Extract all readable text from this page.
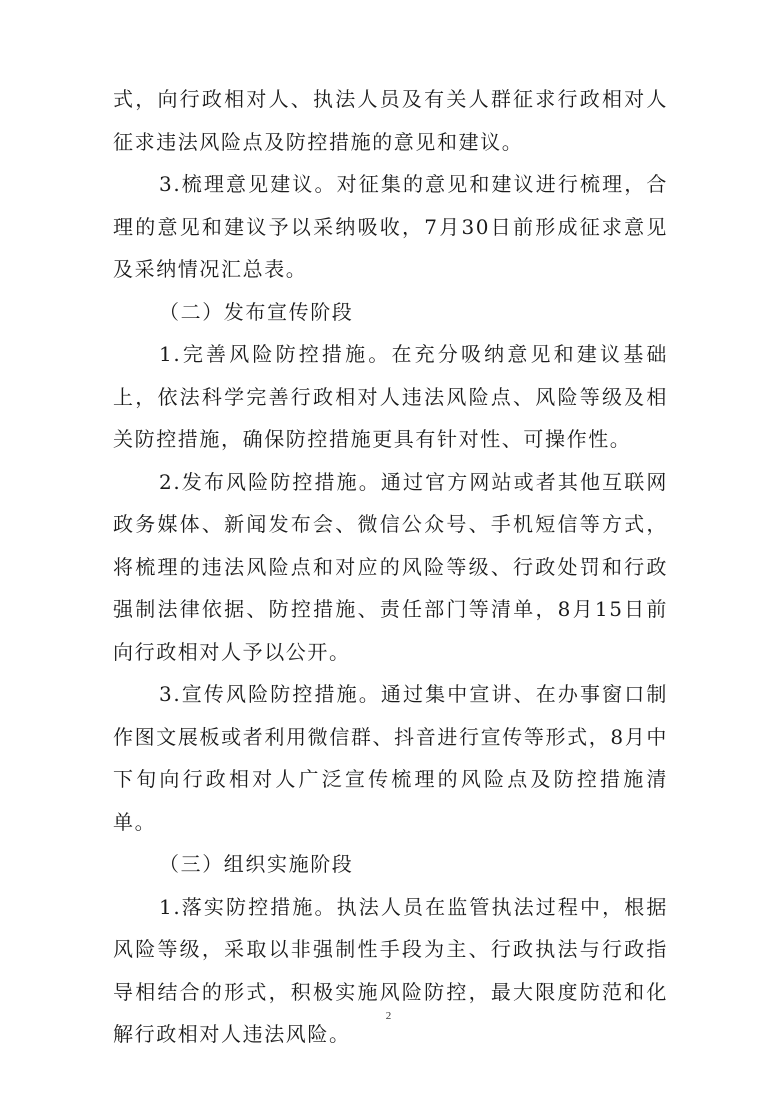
式，向行政相对人、执法人员及有关人群征求行政相对人征求违法风险点及防控措施的意见和建议。

3.梳理意见建议。对征集的意见和建议进行梳理，合理的意见和建议予以采纳吸收，7月30日前形成征求意见及采纳情况汇总表。

（二）发布宣传阶段

1.完善风险防控措施。在充分吸纳意见和建议基础上，依法科学完善行政相对人违法风险点、风险等级及相关防控措施，确保防控措施更具有针对性、可操作性。

2.发布风险防控措施。通过官方网站或者其他互联网政务媒体、新闻发布会、微信公众号、手机短信等方式，将梳理的违法风险点和对应的风险等级、行政处罚和行政强制法律依据、防控措施、责任部门等清单，8月15日前向行政相对人予以公开。

3.宣传风险防控措施。通过集中宣讲、在办事窗口制作图文展板或者利用微信群、抖音进行宣传等形式，8月中下旬向行政相对人广泛宣传梳理的风险点及防控措施清单。

（三）组织实施阶段

1.落实防控措施。执法人员在监管执法过程中，根据风险等级，采取以非强制性手段为主、行政执法与行政指导相结合的形式，积极实施风险防控，最大限度防范和化解行政相对人违法风险。

2
